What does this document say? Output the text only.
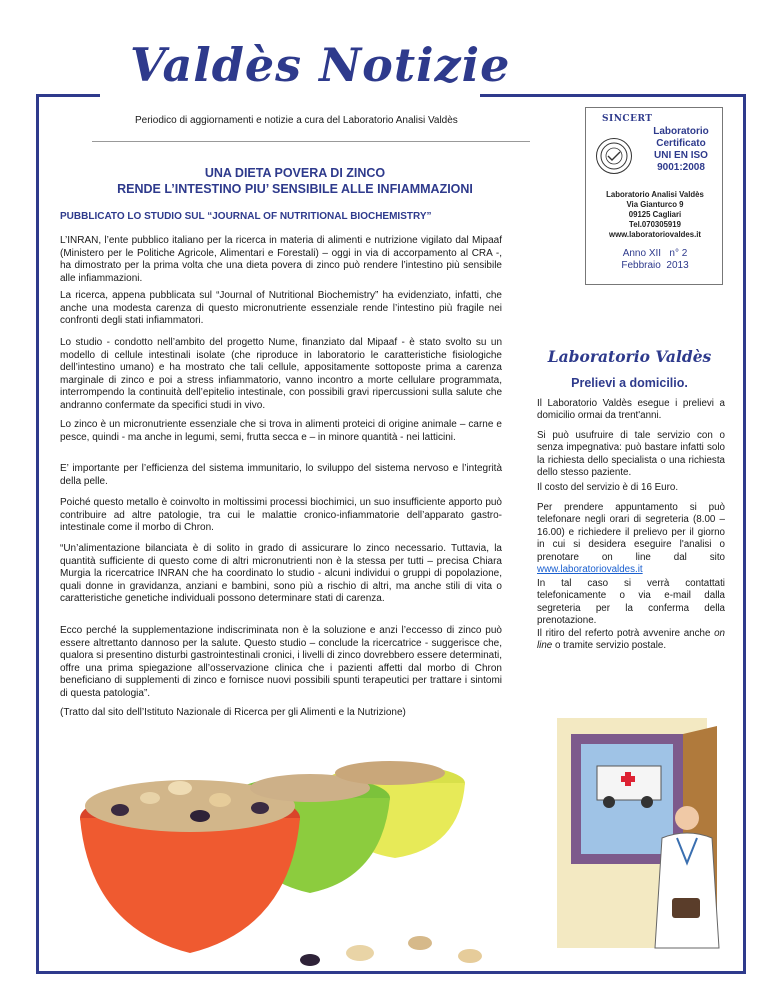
Valdès Notizie
Periodico di aggiornamenti e notizie a cura del Laboratorio Analisi Valdès
UNA DIETA POVERA DI ZINCO
RENDE L’INTESTINO PIU’ SENSIBILE ALLE INFIAMMAZIONI
PUBBLICATO LO STUDIO SUL “JOURNAL OF NUTRITIONAL BIOCHEMISTRY”

L’INRAN, l’ente pubblico italiano per la ricerca in materia di alimenti e nutrizione vigilato dal Mipaaf (Ministero per le Politiche Agricole, Alimentari e Forestali) – oggi in via di accorpamento al CRA -, ha dimostrato per la prima volta che una dieta povera di zinco può rendere l’intestino più sensibile alle infiammazioni.

La ricerca, appena pubblicata sul “Journal of Nutritional Biochemistry” ha evidenziato, infatti, che anche una modesta carenza di questo micronutriente essenziale rende l’intestino più fragile nei confronti degli stati infiammatori.

Lo studio - condotto nell’ambito del progetto Nume, finanziato dal Mipaaf - è stato svolto su un modello di cellule intestinali isolate (che riproduce in laboratorio le caratteristiche fisiologiche dell’intestino umano) e ha mostrato che tali cellule, appositamente sottoposte prima a carenza marginale di zinco e poi a stress infiammatorio, vanno incontro a morte cellulare programmata, interrompendo la continuità dell’epitelio intestinale, con possibili gravi ripercussioni sulla salute che andranno confermate da specifici studi in vivo.

Lo zinco è un micronutriente essenziale che si trova in alimenti proteici di origine animale – carne e pesce, quindi - ma anche in legumi, semi, frutta secca e – in minore quantità - nei latticini.

E’ importante per l’efficienza del sistema immunitario, lo sviluppo del sistema nervoso e l’integrità della pelle.

Poiché questo metallo è coinvolto in moltissimi processi biochimici, un suo insufficiente apporto può contribuire ad altre patologie, tra cui le malattie cronico-infiammatorie dell’apparato gastro-intestinale come il morbo di Chron.

“Un’alimentazione bilanciata è di solito in grado di assicurare lo zinco necessario. Tuttavia, la quantità sufficiente di questo come di altri micronutrienti non è la stessa per tutti – precisa Chiara Murgia la ricercatrice INRAN che ha coordinato lo studio - alcuni individui o gruppi di popolazione, quali donne in gravidanza, anziani e bambini, sono più a rischio di altri, ma anche stili di vita o caratteristiche genetiche individuali possono determinare stati di carenza.

Ecco perché la supplementazione indiscriminata non è la soluzione e anzi l’eccesso di zinco può essere altrettanto dannoso per la salute. Questo studio – conclude la ricercatrice - suggerisce che, qualora si presentino disturbi gastrointestinali cronici, i livelli di zinco dovrebbero essere determinati, offre una prima spiegazione all’osservazione clinica che i pazienti affetti dal morbo di Chron beneficiano di supplementi di zinco e fornisce nuovi possibili spunti terapeutici per trattare i sintomi di questa patologia”.

(Tratto dal sito dell’Istituto Nazionale di Ricerca per gli Alimenti e la Nutrizione)

SINCERT
Laboratorio
Certificato
UNI EN ISO
9001:2008
Laboratorio Analisi Valdès
Via Gianturco 9
09125 Cagliari
Tel.070305919
www.laboratoriovaldes.it
Anno XII   n° 2
Febbraio  2013
Laboratorio Valdès
Prelievi a domicilio.

Il Laboratorio Valdès esegue i prelievi a domicilio ormai da trent'anni.

Si può usufruire di tale servizio con o senza impegnativa: può bastare infatti solo la richiesta dello specialista o una richiesta dello stesso paziente.

Il costo del servizio è di 16 Euro.

Per prendere appuntamento si può telefonare negli orari di segreteria (8.00 – 16.00) e richiedere il prelievo per il giorno in cui si desidera eseguire l'analisi o prenotare on line dal sito www.laboratoriovaldes.it

In tal caso si verrà contattati telefonicamente o via e-mail dalla segreteria per la conferma della prenotazione.

Il ritiro del referto potrà avvenire anche on line o tramite servizio postale.
